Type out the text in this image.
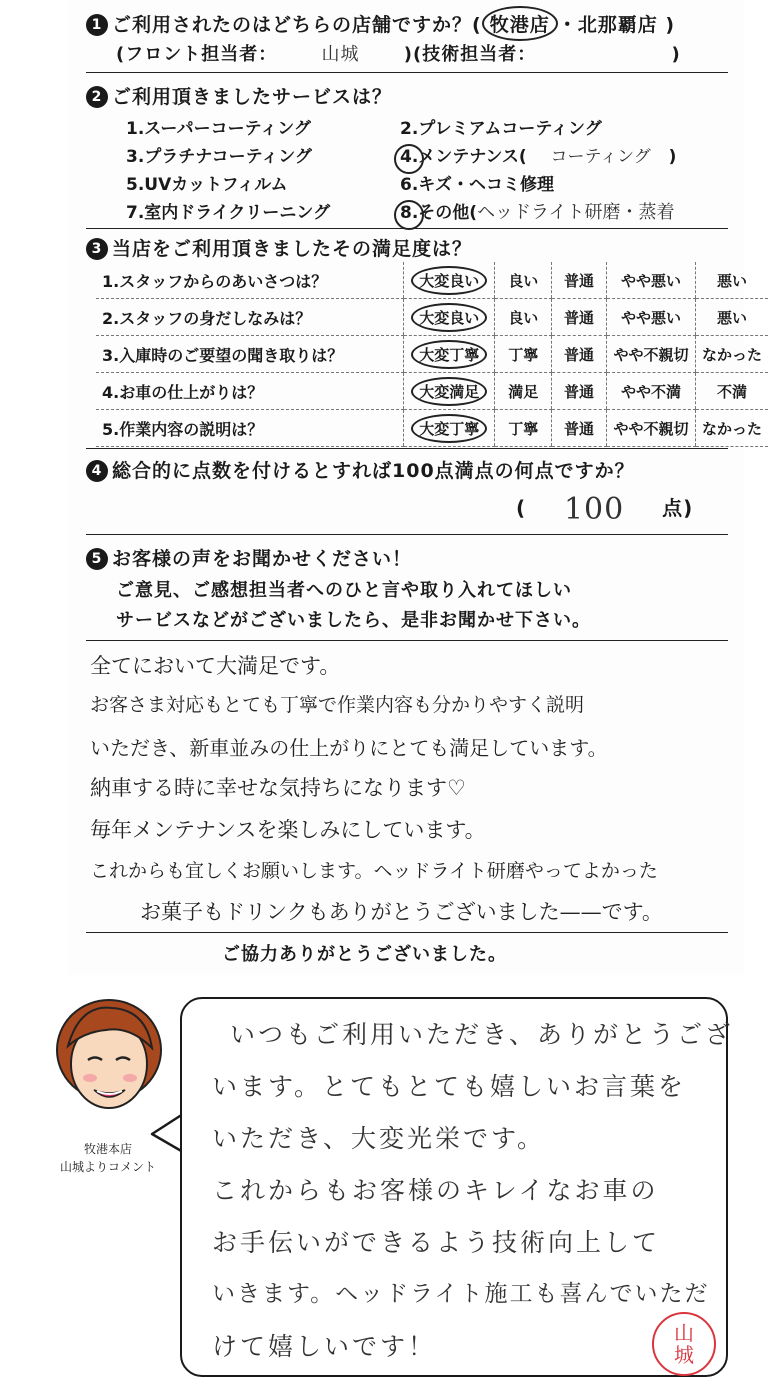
1 ご利用されたのはどちらの店舗ですか？( 牧港店 ・北那覇店 )
(フロント担当者： 山城 )(技術担当者：	)
2 ご利用頂きましたサービスは？
1.スーパーコーティング	2.プレミアムコーティング
3.プラチナコーティング	4.メンテナンス( コーティング )
5.UVカットフィルム	6.キズ・ヘコミ修理
7.室内ドライクリーニング	8.その他(ヘッドライト研磨・蒸着
3 当店をご利用頂きましたその満足度は？
1.スタッフからのあいさつは？	大変良い	良い	普通	やや悪い	悪い
2.スタッフの身だしなみは？	大変良い	良い	普通	やや悪い	悪い
3.入庫時のご要望の聞き取りは？	大変丁寧	丁寧	普通	やや不親切	なかった
4.お車の仕上がりは？	大変満足	満足	普通	やや不満	不満
5.作業内容の説明は？	大変丁寧	丁寧	普通	やや不親切	なかった
4 総合的に点数を付けるとすれば100点満点の何点ですか？
( 100 点)
5 お客様の声をお聞かせください！
ご意見、ご感想担当者へのひと言や取り入れてほしい
サービスなどがございましたら、是非お聞かせ下さい。
全てにおいて大満足です。
お客さま対応もとても丁寧で作業内容も分かりやすく説明
いただき、新車並みの仕上がりにとても満足しています。
納車する時に幸せな気持ちになります♡
毎年メンテナンスを楽しみにしています。
これからも宜しくお願いします。ヘッドライト研磨やってよかった
お菓子もドリンクもありがとうございました——です。
ご協力ありがとうございました。
牧港本店
山城よりコメント
いつもご利用いただき、ありがとうござ
います。とてもとても嬉しいお言葉を
いただき、大変光栄です。
これからもお客様のキレイなお車の
お手伝いができるよう技術向上して
いきます。ヘッドライト施工も喜んでいただ
けて嬉しいです！	山城
